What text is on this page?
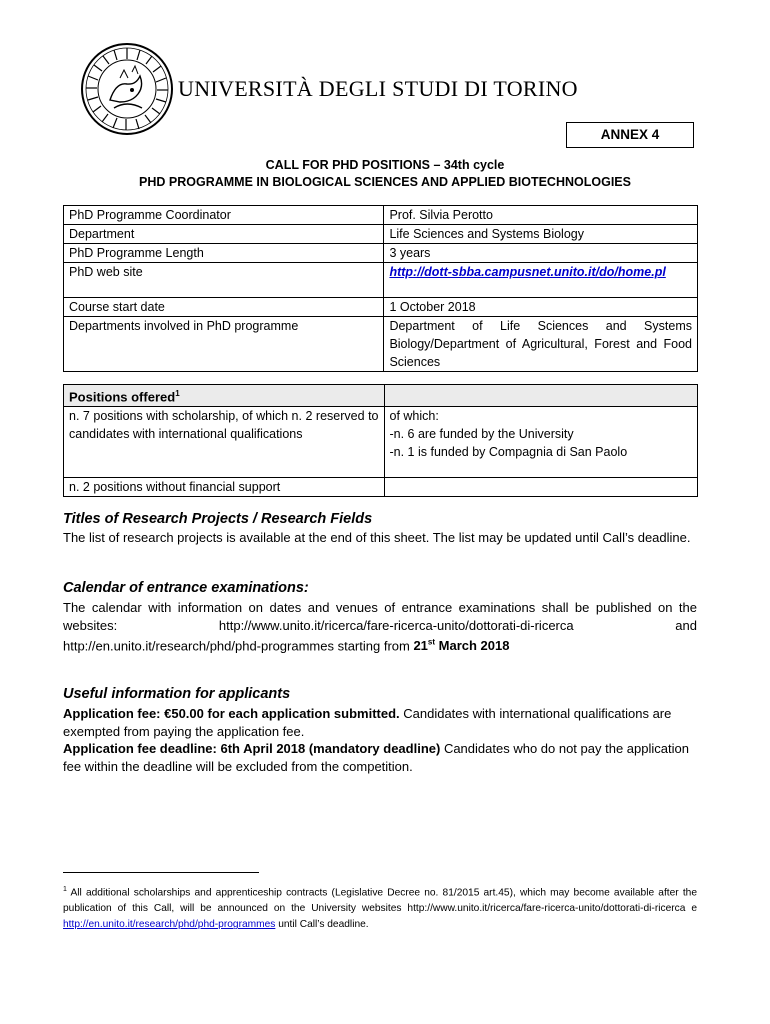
UNIVERSITÀ DEGLI STUDI DI TORINO
ANNEX 4
CALL FOR PHD POSITIONS – 34th cycle
PHD PROGRAMME IN BIOLOGICAL SCIENCES AND APPLIED BIOTECHNOLOGIES
PhD Programme Coordinator	Prof. Silvia Perotto
Department	Life Sciences and Systems Biology
PhD Programme Length	3 years
PhD web site	http://dott-sbba.campusnet.unito.it/do/home.pl
Course start date	1 October 2018
Departments involved in PhD programme	Department of Life Sciences and Systems Biology/Department of Agricultural, Forest and Food Sciences
Positions offered$^1$	
n. 7 positions with scholarship, of which n. 2 reserved to candidates with international qualifications	of which:
-n. 6 are funded by the University
-n. 1 is funded by Compagnia di San Paolo

n. 2 positions without financial support	
Titles of Research Projects / Research Fields
The list of research projects is available at the end of this sheet. The list may be updated until Call’s deadline.
Calendar of entrance examinations:
The calendar with information on dates and venues of entrance examinations shall be published on the websites: http://www.unito.it/ricerca/fare-ricerca-unito/dottorati-di-ricerca and http://en.unito.it/research/phd/phd-programmes starting from 21st March 2018
Useful information for applicants
Application fee: €50.00 for each application submitted. Candidates with international qualifications are exempted from paying the application fee.
Application fee deadline: 6th April 2018 (mandatory deadline) Candidates who do not pay the application fee within the deadline will be excluded from the competition.
$^1$ All additional scholarships and apprenticeship contracts (Legislative Decree no. 81/2015 art.45), which may become available after the publication of this Call, will be announced on the University websites http://www.unito.it/ricerca/fare-ricerca-unito/dottorati-di-ricerca e http://en.unito.it/research/phd/phd-programmes until Call’s deadline.
